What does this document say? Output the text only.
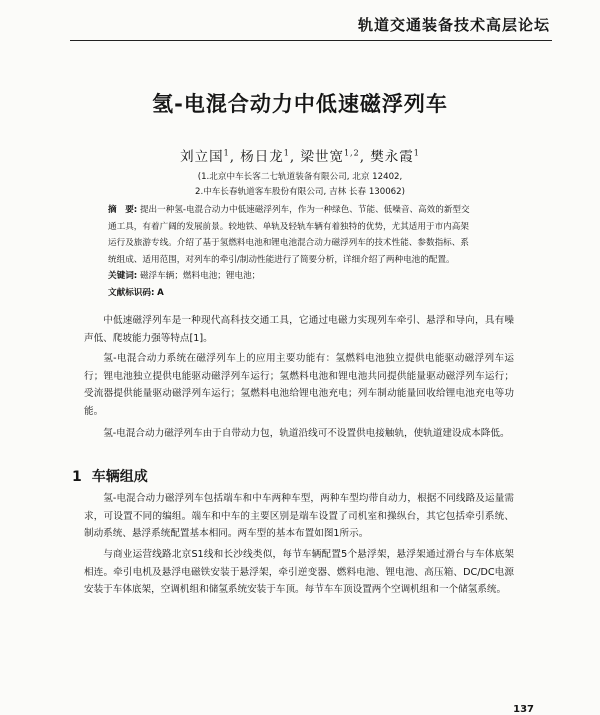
轨道交通装备技术高层论坛
氢-电混合动力中低速磁浮列车
刘立国$^1$, 杨日龙$^1$, 梁世宽$^{1,2}$, 樊永霞$^1$
(1.北京中车长客二七轨道装备有限公司, 北京 12402,
2.中车长春轨道客车股份有限公司, 吉林 长春 130062)
摘　要: 提出一种氢-电混合动力中低速磁浮列车，作为一种绿色、节能、低噪音、高效的新型交
通工具，有着广阔的发展前景。较地铁、单轨及轻轨车辆有着独特的优势，尤其适用于市内高架
运行及旅游专线。介绍了基于氢燃料电池和锂电池混合动力磁浮列车的技术性能、参数指标、系
统组成、适用范围，对列车的牵引/制动性能进行了简要分析，详细介绍了两种电池的配置。
关键词: 磁浮车辆；燃料电池；锂电池；
文献标识码: A
中低速磁浮列车是一种现代高科技交通工具，它通过电磁力实现列车牵引、悬浮和导向，具有噪声低、爬坡能力强等特点[1]。
氢-电混合动力系统在磁浮列车上的应用主要功能有：氢燃料电池独立提供电能驱动磁浮列车运行；锂电池独立提供电能驱动磁浮列车运行；氢燃料电池和锂电池共同提供能量驱动磁浮列车运行；受流器提供能量驱动磁浮列车运行；氢燃料电池给锂电池充电；列车制动能量回收给锂电池充电等功能。
氢-电混合动力磁浮列车由于自带动力包，轨道沿线可不设置供电接触轨，使轨道建设成本降低。
1 车辆组成
氢-电混合动力磁浮列车包括端车和中车两种车型，两种车型均带自动力，根据不同线路及运量需求，可设置不同的编组。端车和中车的主要区别是端车设置了司机室和操纵台，其它包括牵引系统、制动系统、悬浮系统配置基本相同。两车型的基本布置如图1所示。
与商业运营线路北京S1线和长沙线类似，每节车辆配置5个悬浮架，悬浮架通过滑台与车体底架相连。牵引电机及悬浮电磁铁安装于悬浮架，牵引逆变器、燃料电池、锂电池、高压箱、DC/DC电源安装于车体底架，空调机组和储氢系统安装于车顶。每节车车顶设置两个空调机组和一个储氢系统。
137
